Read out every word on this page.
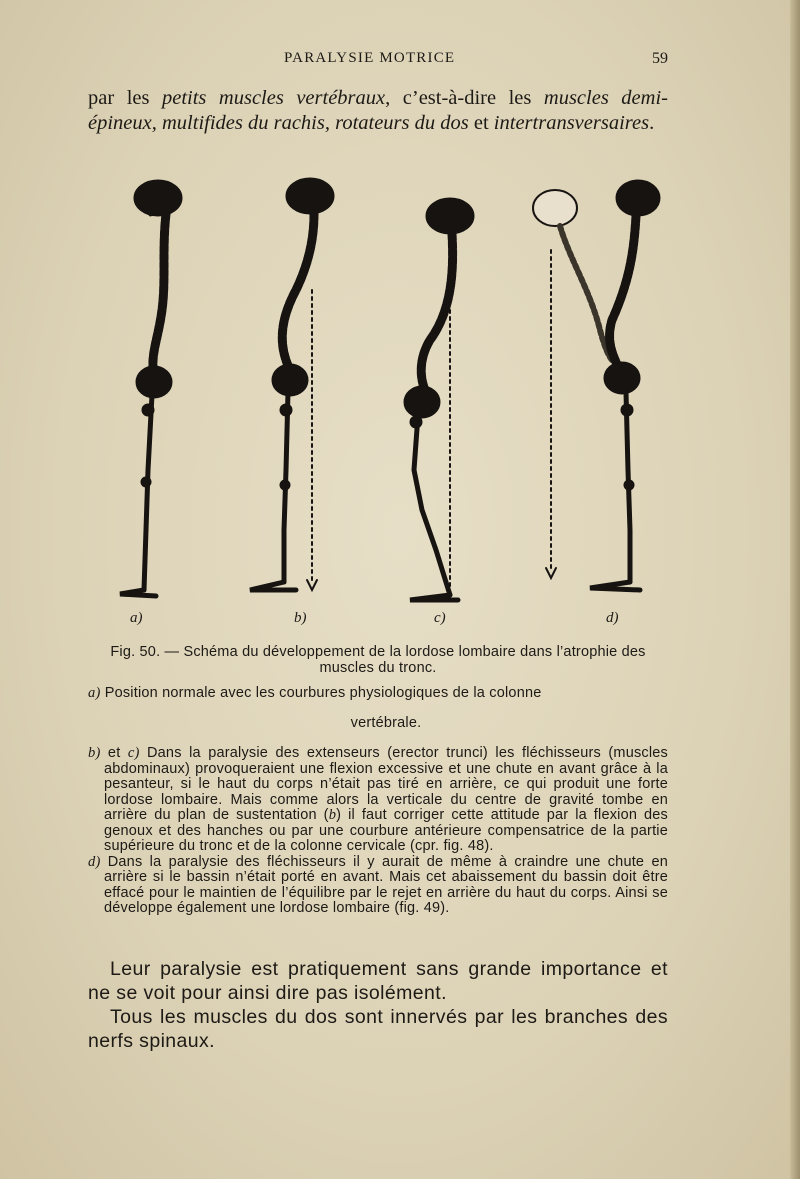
PARALYSIE MOTRICE	59

par les petits muscles vertébraux, c’est-à-dire les muscles demi-épineux, multifides du rachis, rotateurs du dos et intertransversaires.

a)	b)	c)	d)

Fig. 50. — Schéma du développement de la lordose lombaire dans l’atrophie des muscles du tronc.

a) Position normale avec les courbures physiologiques de la colonne

vertébrale.

b) et c) Dans la paralysie des extenseurs (erector trunci) les fléchisseurs (muscles abdominaux) provoqueraient une flexion excessive et une chute en avant grâce à la pesanteur, si le haut du corps n’était pas tiré en arrière, ce qui produit une forte lordose lombaire. Mais comme alors la verticale du centre de gravité tombe en arrière du plan de sustentation (b) il faut corriger cette attitude par la flexion des genoux et des hanches ou par une courbure antérieure compensatrice de la partie supérieure du tronc et de la colonne cervicale (cpr. fig. 48).

d) Dans la paralysie des fléchisseurs il y aurait de même à craindre une chute en arrière si le bassin n’était porté en avant. Mais cet abaissement du bassin doit être effacé pour le maintien de l’équilibre par le rejet en arrière du haut du corps. Ainsi se développe également une lordose lombaire (fig. 49).

Leur paralysie est pratiquement sans grande importance et ne se voit pour ainsi dire pas isolément.

Tous les muscles du dos sont innervés par les branches des nerfs spinaux.
